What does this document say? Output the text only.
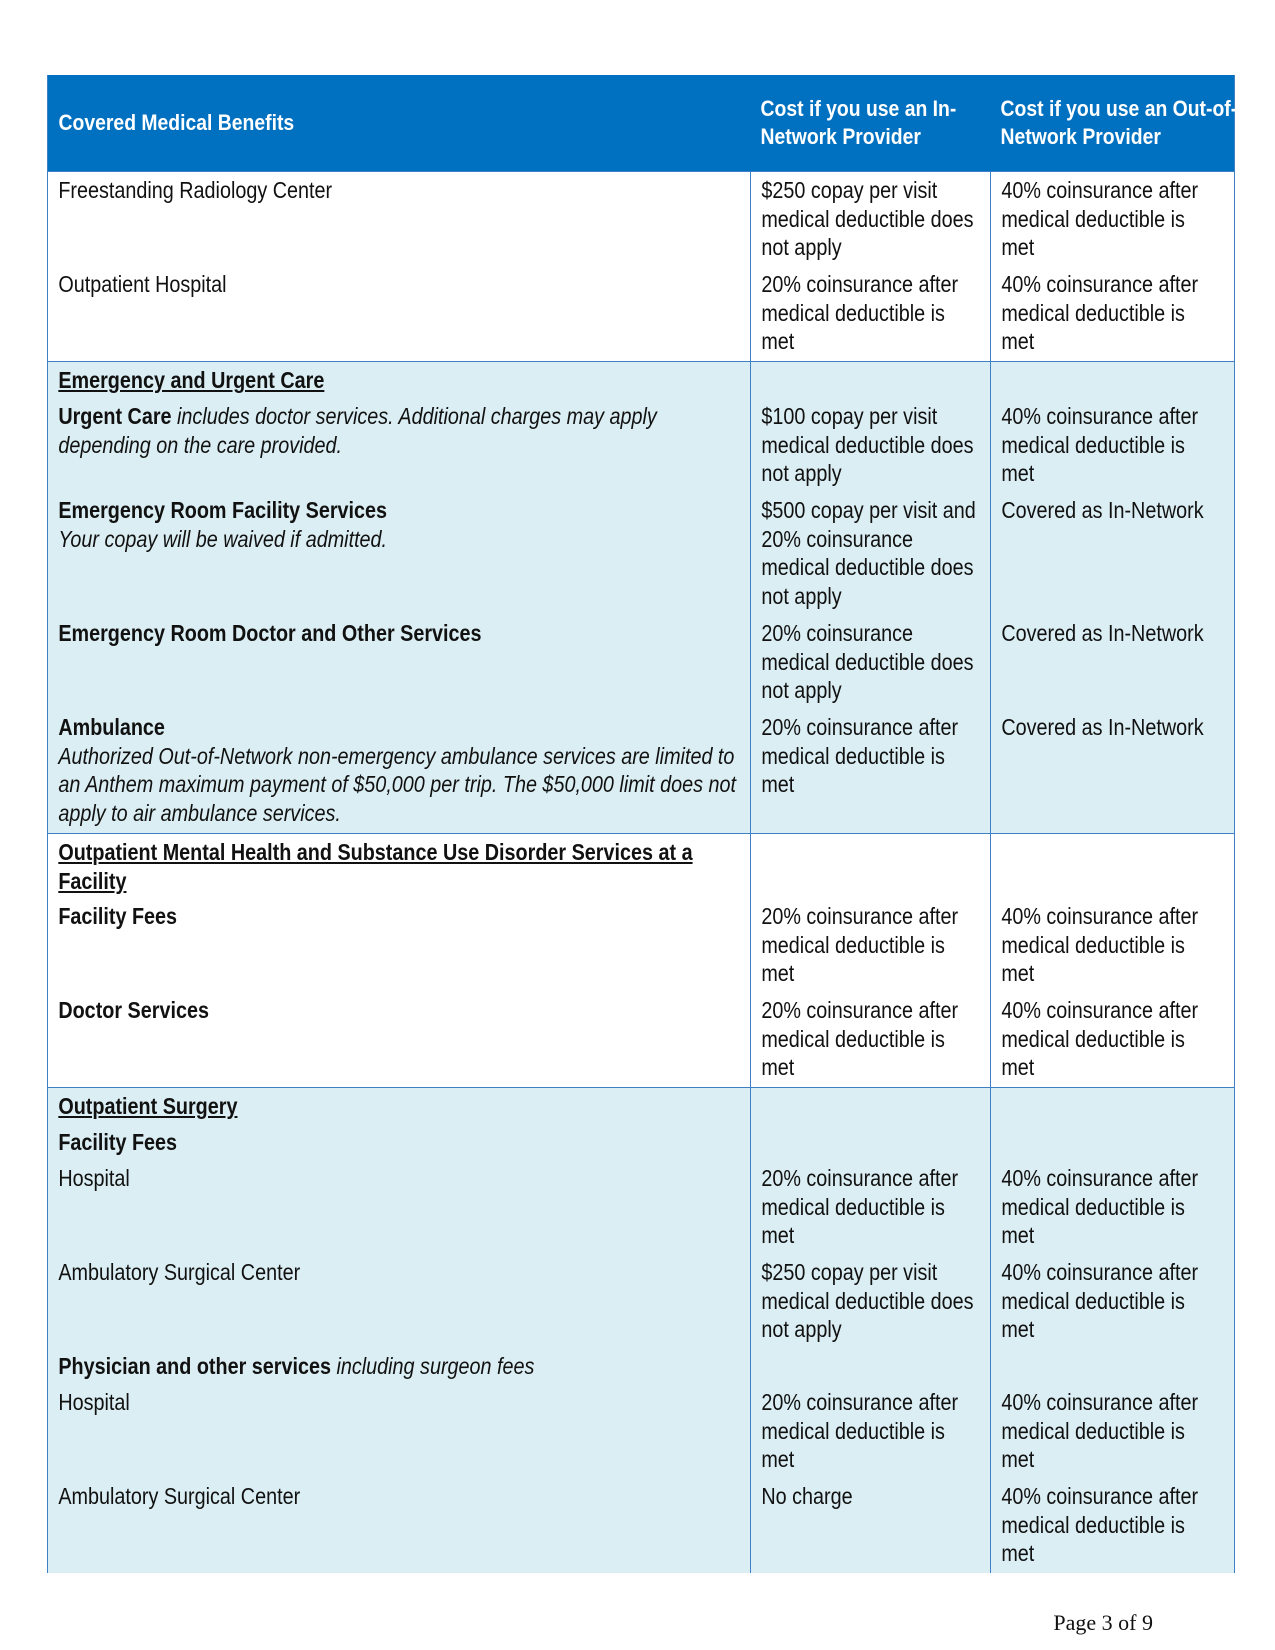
Covered Medical Benefits
Cost if you use an In-Network Provider
Cost if you use an Out-of-Network Provider
Freestanding Radiology Center
Outpatient Hospital
$250 copay per visit medical deductible does not apply
20% coinsurance after medical deductible is met
40% coinsurance after medical deductible is met
40% coinsurance after medical deductible is met
Emergency and Urgent Care
Urgent Care includes doctor services. Additional charges may apply depending on the care provided.
Emergency Room Facility Services
Your copay will be waived if admitted.
Emergency Room Doctor and Other Services
Ambulance
Authorized Out-of-Network non-emergency ambulance services are limited to an Anthem maximum payment of $50,000 per trip. The $50,000 limit does not apply to air ambulance services.
$100 copay per visit medical deductible does not apply
$500 copay per visit and 20% coinsurance medical deductible does not apply
20% coinsurance medical deductible does not apply
20% coinsurance after medical deductible is met
40% coinsurance after medical deductible is met
Covered as In-Network
Covered as In-Network
Covered as In-Network
Outpatient Mental Health and Substance Use Disorder Services at a Facility
Facility Fees
Doctor Services
20% coinsurance after medical deductible is met
20% coinsurance after medical deductible is met
40% coinsurance after medical deductible is met
40% coinsurance after medical deductible is met
Outpatient Surgery
Facility Fees
Hospital
Ambulatory Surgical Center
Physician and other services including surgeon fees
Hospital
Ambulatory Surgical Center
20% coinsurance after medical deductible is met
$250 copay per visit medical deductible does not apply
20% coinsurance after medical deductible is met
No charge
40% coinsurance after medical deductible is met
40% coinsurance after medical deductible is met
40% coinsurance after medical deductible is met
40% coinsurance after medical deductible is met
Page 3 of 9
